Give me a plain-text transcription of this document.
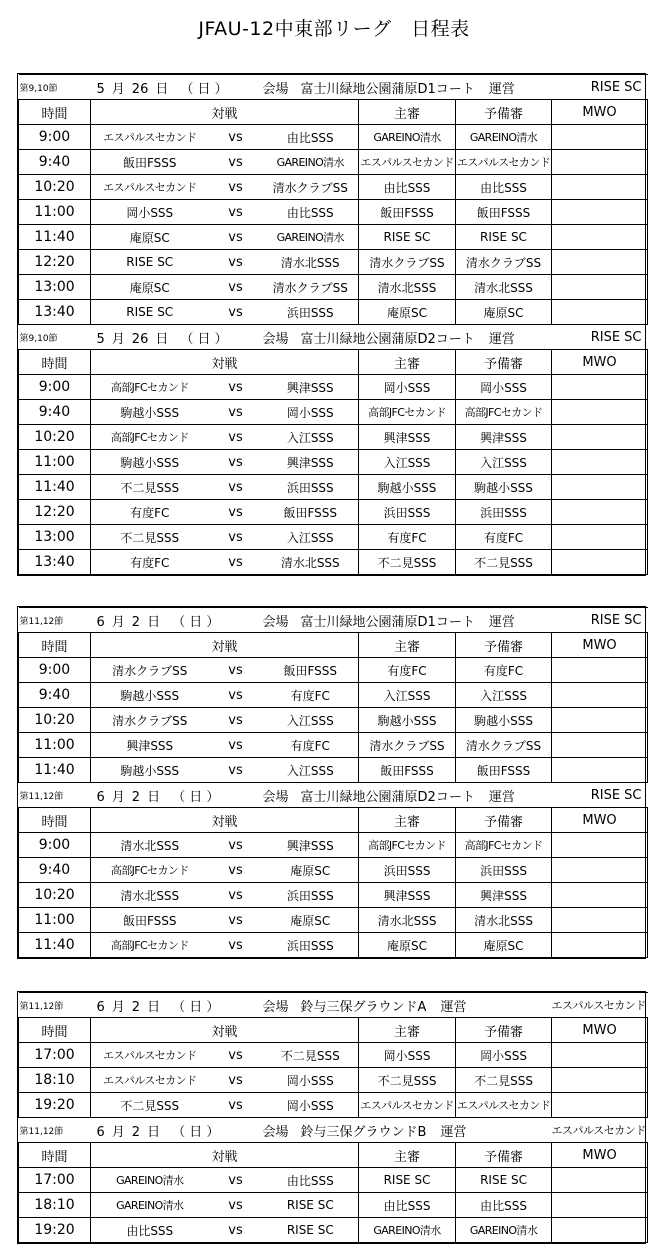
JFAU-12中東部リーグ　日程表
第9,10節	5 月 26 日 （ 日 ）		会場 富士川緑地公園蒲原D1コート 運営			RISE SC
時間	対戦			主審	予備審	MWO
9:00	エスパルスセカンド	vs	由比SSS	GAREINO清水	GAREINO清水	
9:40	飯田FSSS	vs	GAREINO清水	エスパルスセカンド	エスパルスセカンド	
10:20	エスパルスセカンド	vs	清水クラブSS	由比SSS	由比SSS	
11:00	岡小SSS	vs	由比SSS	飯田FSSS	飯田FSSS	
11:40	庵原SC	vs	GAREINO清水	RISE SC	RISE SC	
12:20	RISE SC	vs	清水北SSS	清水クラブSS	清水クラブSS	
13:00	庵原SC	vs	清水クラブSS	清水北SSS	清水北SSS	
13:40	RISE SC	vs	浜田SSS	庵原SC	庵原SC	
第9,10節	5 月 26 日 （ 日 ）		会場 富士川緑地公園蒲原D2コート 運営			RISE SC
時間	対戦			主審	予備審	MWO
9:00	高部JFCセカンド	vs	興津SSS	岡小SSS	岡小SSS	
9:40	駒越小SSS	vs	岡小SSS	高部JFCセカンド	高部JFCセカンド	
10:20	高部JFCセカンド	vs	入江SSS	興津SSS	興津SSS	
11:00	駒越小SSS	vs	興津SSS	入江SSS	入江SSS	
11:40	不二見SSS	vs	浜田SSS	駒越小SSS	駒越小SSS	
12:20	有度FC	vs	飯田FSSS	浜田SSS	浜田SSS	
13:00	不二見SSS	vs	入江SSS	有度FC	有度FC	
13:40	有度FC	vs	清水北SSS	不二見SSS	不二見SSS	
第11,12節	6 月 2 日 （ 日 ）		会場 富士川緑地公園蒲原D1コート 運営			RISE SC
時間	対戦			主審	予備審	MWO
9:00	清水クラブSS	vs	飯田FSSS	有度FC	有度FC	
9:40	駒越小SSS	vs	有度FC	入江SSS	入江SSS	
10:20	清水クラブSS	vs	入江SSS	駒越小SSS	駒越小SSS	
11:00	興津SSS	vs	有度FC	清水クラブSS	清水クラブSS	
11:40	駒越小SSS	vs	入江SSS	飯田FSSS	飯田FSSS	
第11,12節	6 月 2 日 （ 日 ）		会場 富士川緑地公園蒲原D2コート 運営			RISE SC
時間	対戦			主審	予備審	MWO
9:00	清水北SSS	vs	興津SSS	高部JFCセカンド	高部JFCセカンド	
9:40	高部JFCセカンド	vs	庵原SC	浜田SSS	浜田SSS	
10:20	清水北SSS	vs	浜田SSS	興津SSS	興津SSS	
11:00	飯田FSSS	vs	庵原SC	清水北SSS	清水北SSS	
11:40	高部JFCセカンド	vs	浜田SSS	庵原SC	庵原SC	
第11,12節	6 月 2 日 （ 日 ）		会場 鈴与三保グラウンドA 運営			エスパルスセカンド
時間	対戦			主審	予備審	MWO
17:00	エスパルスセカンド	vs	不二見SSS	岡小SSS	岡小SSS	
18:10	エスパルスセカンド	vs	岡小SSS	不二見SSS	不二見SSS	
19:20	不二見SSS	vs	岡小SSS	エスパルスセカンド	エスパルスセカンド	
第11,12節	6 月 2 日 （ 日 ）		会場 鈴与三保グラウンドB 運営			エスパルスセカンド
時間	対戦			主審	予備審	MWO
17:00	GAREINO清水	vs	由比SSS	RISE SC	RISE SC	
18:10	GAREINO清水	vs	RISE SC	由比SSS	由比SSS	
19:20	由比SSS	vs	RISE SC	GAREINO清水	GAREINO清水	
